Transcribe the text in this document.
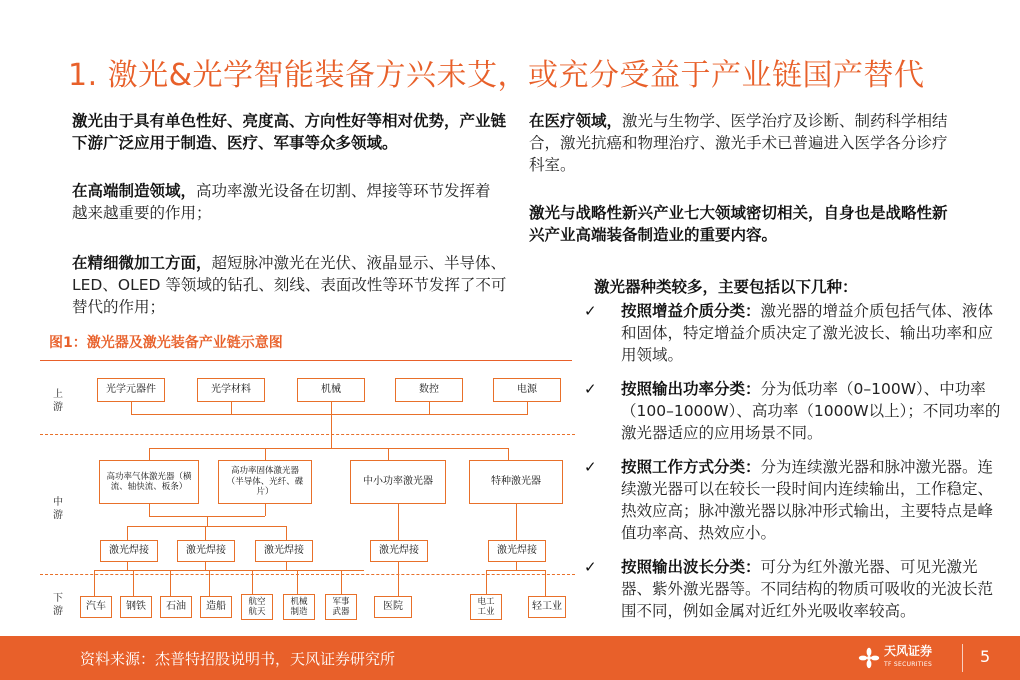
1. 激光&光学智能装备方兴未艾，或充分受益于产业链国产替代
激光由于具有单色性好、亮度高、方向性好等相对优势，产业链下游广泛应用于制造、医疗、军事等众多领域。
在高端制造领域，高功率激光设备在切割、焊接等环节发挥着越来越重要的作用；
在精细微加工方面，超短脉冲激光在光伏、液晶显示、半导体、LED、OLED 等领域的钻孔、刻线、表面改性等环节发挥了不可替代的作用；
在医疗领域，激光与生物学、医学治疗及诊断、制药科学相结合，激光抗癌和物理治疗、激光手术已普遍进入医学各分诊疗科室。
激光与战略性新兴产业七大领域密切相关，自身也是战略性新兴产业高端装备制造业的重要内容。
激光器种类较多，主要包括以下几种：
✓ 按照增益介质分类：激光器的增益介质包括气体、液体和固体，特定增益介质决定了激光波长、输出功率和应用领域。
✓ 按照输出功率分类：分为低功率（0–100W）、中功率（100–1000W）、高功率（1000W以上）；不同功率的激光器适应的应用场景不同。
✓ 按照工作方式分类：分为连续激光器和脉冲激光器。连续激光器可以在较长一段时间内连续输出，工作稳定、热效应高；脉冲激光器以脉冲形式输出，主要特点是峰值功率高、热效应小。
✓ 按照输出波长分类：可分为红外激光器、可见光激光器、紫外激光器等。不同结构的物质可吸收的光波长范围不同，例如金属对近红外光吸收率较高。
图1：激光器及激光装备产业链示意图
上游
中游
下游
光学元器件	光学材料	机械	数控	电源
高功率气体激光器（横流、轴快流、板条）
高功率固体激光器（半导体、光纤、碟片）
中小功率激光器	特种激光器
激光焊接	激光焊接	激光焊接	激光焊接	激光焊接
汽车	钢铁	石油	造船	航空航天
机械制造
军事武器	医院	电工工业	轻工业
资料来源：杰普特招股说明书，天风证券研究所	天风证券
TF SECURITIES	5
